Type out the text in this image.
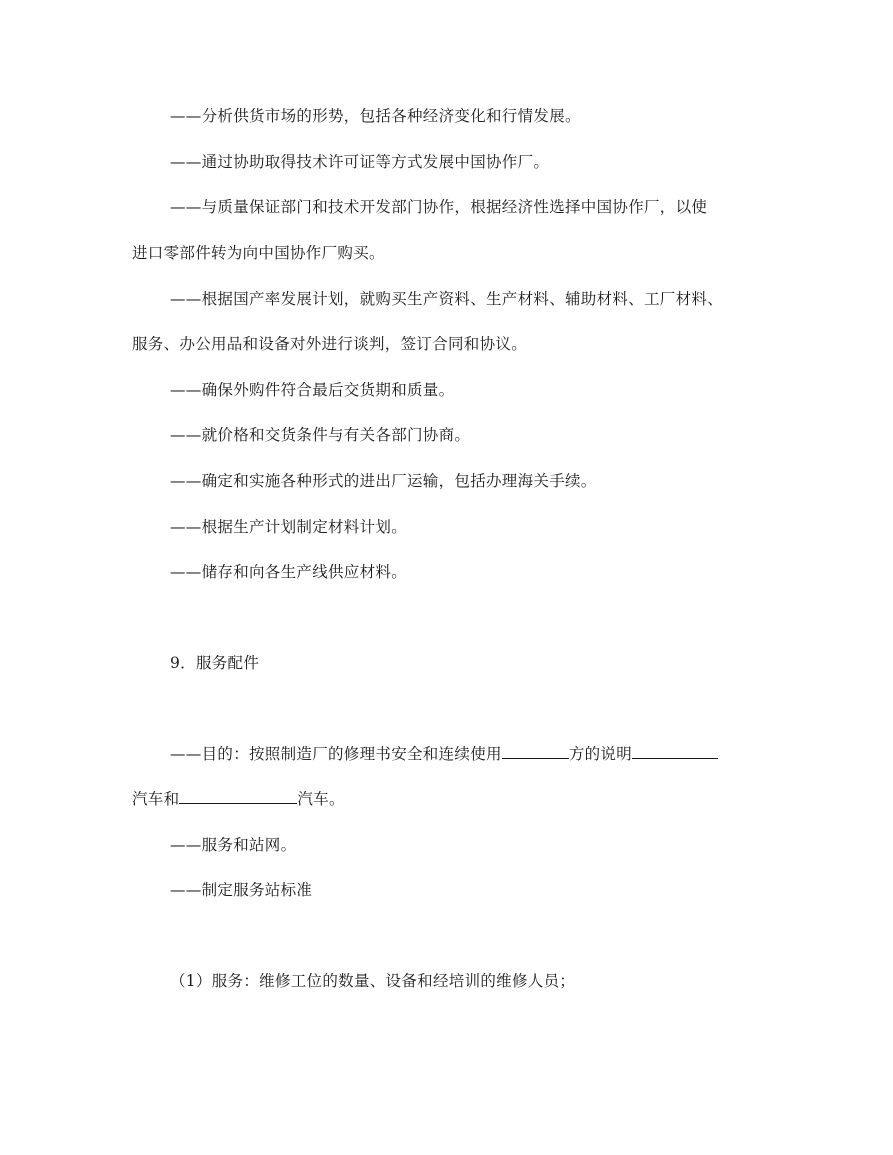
——分析供货市场的形势，包括各种经济变化和行情发展。
——通过协助取得技术许可证等方式发展中国协作厂。
——与质量保证部门和技术开发部门协作，根据经济性选择中国协作厂，以使
进口零部件转为向中国协作厂购买。
——根据国产率发展计划，就购买生产资料、生产材料、辅助材料、工厂材料、
服务、办公用品和设备对外进行谈判，签订合同和协议。
——确保外购件符合最后交货期和质量。
——就价格和交货条件与有关各部门协商。
——确定和实施各种形式的进出厂运输，包括办理海关手续。
——根据生产计划制定材料计划。
——储存和向各生产线供应材料。
9．服务配件
——目的：按照制造厂的修理书安全和连续使用	方的说明
汽车和	汽车。
——服务和站网。
——制定服务站标准
（1）服务：维修工位的数量、设备和经培训的维修人员；
